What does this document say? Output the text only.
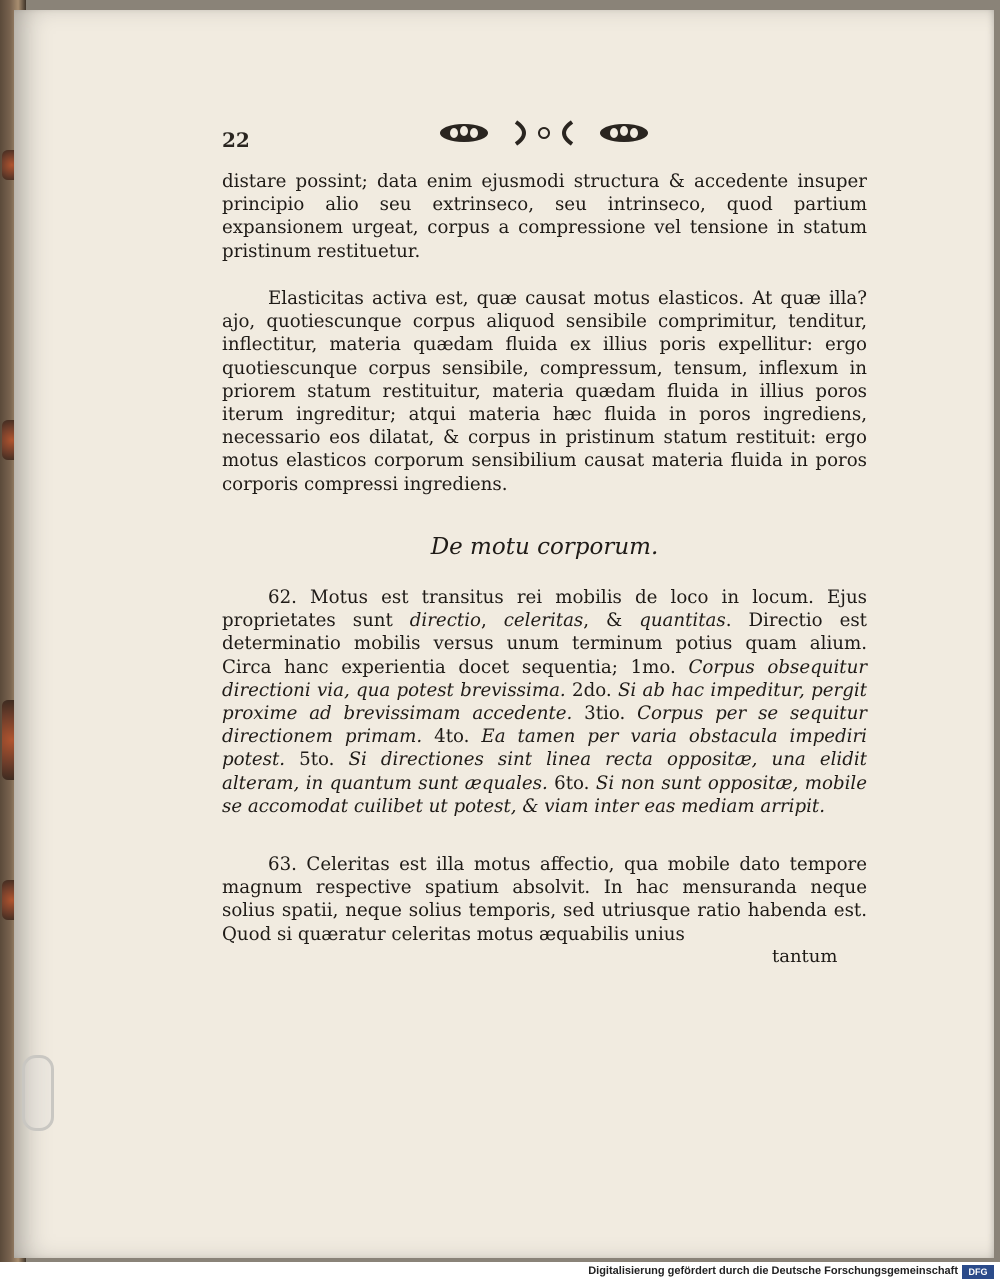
22

distare possint; data enim ejusmodi structura & accedente insuper principio alio seu extrinseco, seu intrinseco, quod partium expansionem urgeat, corpus a compressione vel tensione in statum pristinum restituetur.

Elasticitas activa est, quæ causat motus elasticos. At quæ illa? ajo, quotiescunque corpus aliquod sensibile comprimitur, tenditur, inflectitur, materia quædam fluida ex illius poris expellitur: ergo quotiescunque corpus sensibile, compressum, tensum, inflexum in priorem statum restituitur, materia quædam fluida in illius poros iterum ingreditur; atqui materia hæc fluida in poros ingrediens, necessario eos dilatat, & corpus in pristinum statum restituit: ergo motus elasticos corporum sensibilium causat materia fluida in poros corporis compressi ingrediens.

De motu corporum.

62. Motus est transitus rei mobilis de loco in locum. Ejus proprietates sunt directio, celeritas, & quantitas. Directio est determinatio mobilis versus unum terminum potius quam alium. Circa hanc experientia docet sequentia; 1mo. Corpus obsequitur directioni via, qua potest brevissima. 2do. Si ab hac impeditur, pergit proxime ad brevissimam accedente. 3tio. Corpus per se sequitur directionem primam. 4to. Ea tamen per varia obstacula impediri potest. 5to. Si directiones sint linea recta oppositæ, una elidit alteram, in quantum sunt æquales. 6to. Si non sunt oppositæ, mobile se accomodat cuilibet ut potest, & viam inter eas mediam arripit.

63. Celeritas est illa motus affectio, qua mobile dato tempore magnum respective spatium absolvit. In hac mensuranda neque solius spatii, neque solius temporis, sed utriusque ratio habenda est. Quod si quæratur celeritas motus æquabilis unius

tantum
Digitalisierung gefördert durch die Deutsche Forschungsgemeinschaft	DFG
